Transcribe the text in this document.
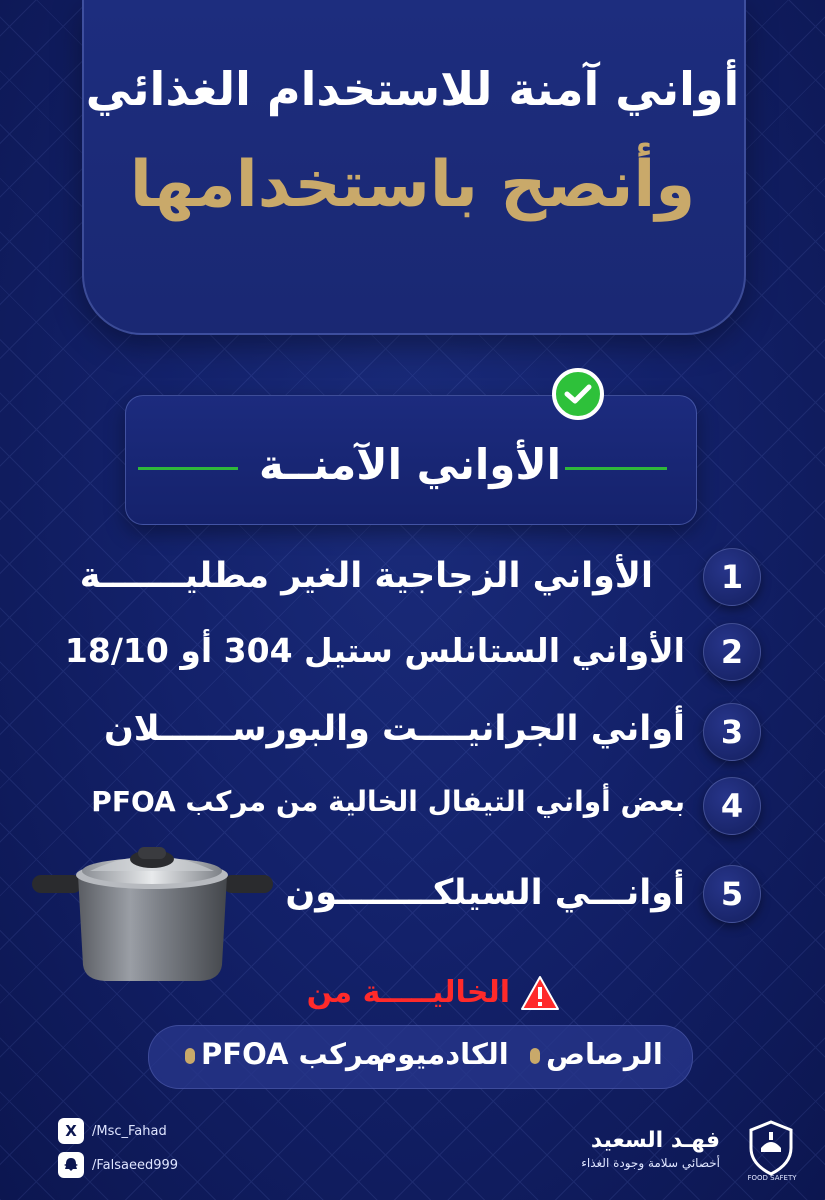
أواني آمنة للاستخدام الغذائي
وأنصح باستخدامها
الأواني الآمنــة
1
الأواني الزجاجية الغير مطليـــــــة
2
الأواني الستانلس ستيل 304 أو 18/10
3
أواني الجرانيــــت والبورســــــلان
4
بعض أواني التيفال الخالية من مركب PFOA
5
أوانـــي السيلكــــــــون
الخاليـــــة من
الرصاص
الكادميوم
مركب PFOA
X	/Msc_Fahad
/Falsaeed999
فهـد السعيد
أخصائي سلامة وجودة الغذاء
FOOD SAFETY
